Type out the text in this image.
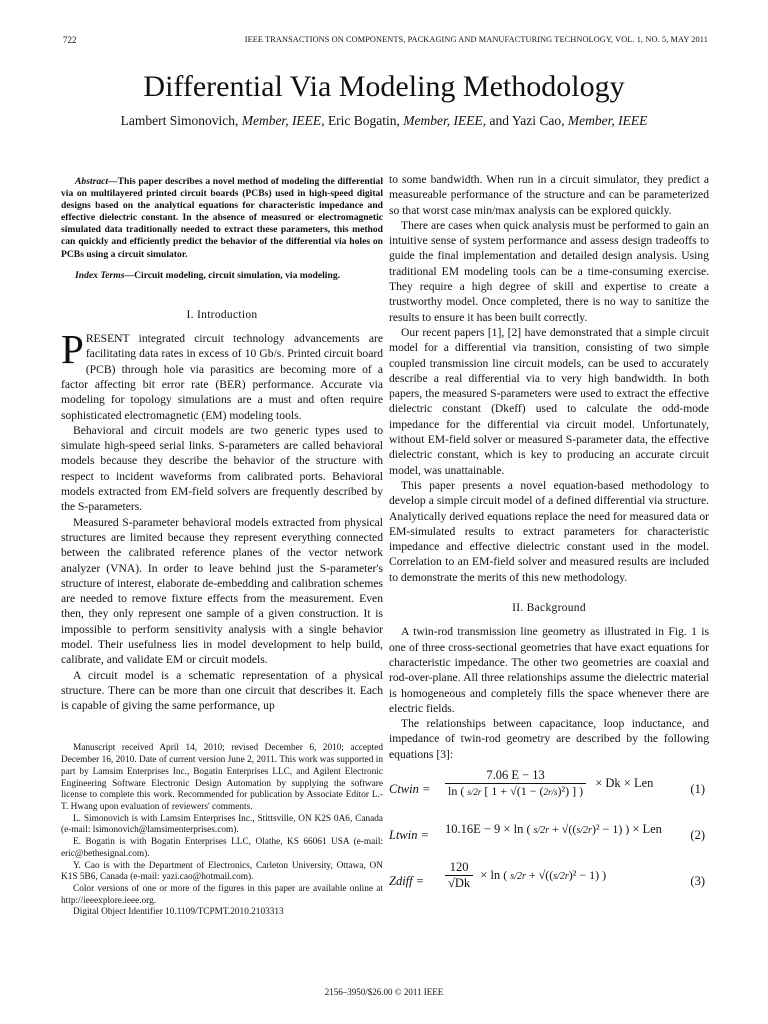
722	IEEE TRANSACTIONS ON COMPONENTS, PACKAGING AND MANUFACTURING TECHNOLOGY, VOL. 1, NO. 5, MAY 2011
Differential Via Modeling Methodology
Lambert Simonovich, Member, IEEE, Eric Bogatin, Member, IEEE, and Yazi Cao, Member, IEEE

Abstract—This paper describes a novel method of modeling the differential via on multilayered printed circuit boards (PCBs) used in high-speed digital designs based on the analytical equations for characteristic impedance and effective dielectric constant. In the absence of measured or electromagnetic simulated data traditionally needed to extract these parameters, this method can quickly and efficiently predict the behavior of the differential via holes on PCBs using a circuit simulator.

Index Terms—Circuit modeling, circuit simulation, via modeling.

I. Introduction

PRESENT integrated circuit technology advancements are facilitating data rates in excess of 10 Gb/s. Printed circuit board (PCB) through hole via parasitics are becoming more of a factor affecting bit error rate (BER) performance. Accurate via modeling for topology simulations are a must and often require sophisticated electromagnetic (EM) modeling tools.

Behavioral and circuit models are two generic types used to simulate high-speed serial links. S-parameters are called behavioral models because they describe the behavior of the structure with respect to incident waveforms from calibrated ports. Behavioral models extracted from EM-field solvers are frequently described by the S-parameters.

Measured S-parameter behavioral models extracted from physical structures are limited because they represent everything connected between the calibrated reference planes of the vector network analyzer (VNA). In order to leave behind just the S-parameter's structure of interest, elaborate de-embedding and calibration schemes are needed to remove fixture effects from the measurement. Even then, they only represent one sample of a given construction. It is impossible to perform sensitivity analysis with a single behavior model. Their usefulness lies in model development to help build, calibrate, and validate EM or circuit models.

A circuit model is a schematic representation of a physical structure. There can be more than one circuit that describes it. Each is capable of giving the same performance, up

Manuscript received April 14, 2010; revised December 6, 2010; accepted December 16, 2010. Date of current version June 2, 2011. This work was supported in part by Lamsim Enterprises Inc., Bogatin Enterprises LLC, and Agilent Electronic Engineering Software Electronic Design Automation by supplying the software license to complete this work. Recommended for publication by Associate Editor L.-T. Hwang upon evaluation of reviewers' comments.

L. Simonovich is with Lamsim Enterprises Inc., Stittsville, ON K2S 0A6, Canada (e-mail: lsimonovich@lamsimenterprises.com).

E. Bogatin is with Bogatin Enterprises LLC, Olathe, KS 66061 USA (e-mail: eric@bethesignal.com).

Y. Cao is with the Department of Electronics, Carleton University, Ottawa, ON K1S 5B6, Canada (e-mail: yazi.cao@hotmail.com).

Color versions of one or more of the figures in this paper are available online at http://ieeexplore.ieee.org.

Digital Object Identifier 10.1109/TCPMT.2010.2103313

to some bandwidth. When run in a circuit simulator, they predict a measureable performance of the structure and can be parameterized so that worst case min/max analysis can be explored quickly.

There are cases when quick analysis must be performed to gain an intuitive sense of system performance and assess design tradeoffs to guide the final implementation and detailed design analysis. Using traditional EM modeling tools can be a time-consuming exercise. They require a high degree of skill and expertise to create a trustworthy model. Once completed, there is no way to sanitize the results to ensure it has been built correctly.

Our recent papers [1], [2] have demonstrated that a simple circuit model for a differential via transition, consisting of two simple coupled transmission line circuit models, can be used to accurately describe a real differential via to very high bandwidth. In both papers, the measured S-parameters were used to extract the effective dielectric constant (Dkeff) used to calculate the odd-mode impedance for the differential via circuit model. Unfortunately, without EM-field solver or measured S-parameter data, the effective dielectric constant, which is key to producing an accurate circuit model, was unattainable.

This paper presents a novel equation-based methodology to develop a simple circuit model of a defined differential via structure. Analytically derived equations replace the need for measured data or EM-simulated results to extract parameters for characteristic impedance and effective dielectric constant used in the model. Correlation to an EM-field solver and measured results are included to demonstrate the merits of this new methodology.

II. Background

A twin-rod transmission line geometry as illustrated in Fig. 1 is one of three cross-sectional geometries that have exact equations for characteristic impedance. The other two geometries are coaxial and rod-over-plane. All three relationships assume the dielectric material is homogeneous and completely fills the space whenever there are electric fields.

The relationships between capacitance, loop inductance, and impedance of twin-rod geometry are described by the following equations [3]:

Ctwin = $\frac{7.06 E - 13}{\text{ln ( s/2r [ 1 + √(1 − (2r/s)²) ] )}} \times Dk$ × Len	(1)
Ltwin = 10.16E − 9 × ln ( s/2r + √((s/2r)² − 1) ) × Len (2)
Zdiff = $\frac{120}{√Dk} \times \ln$ ( s/2r + √((s/2r)² − 1) )	(3)
2156–3950/$26.00 © 2011 IEEE
